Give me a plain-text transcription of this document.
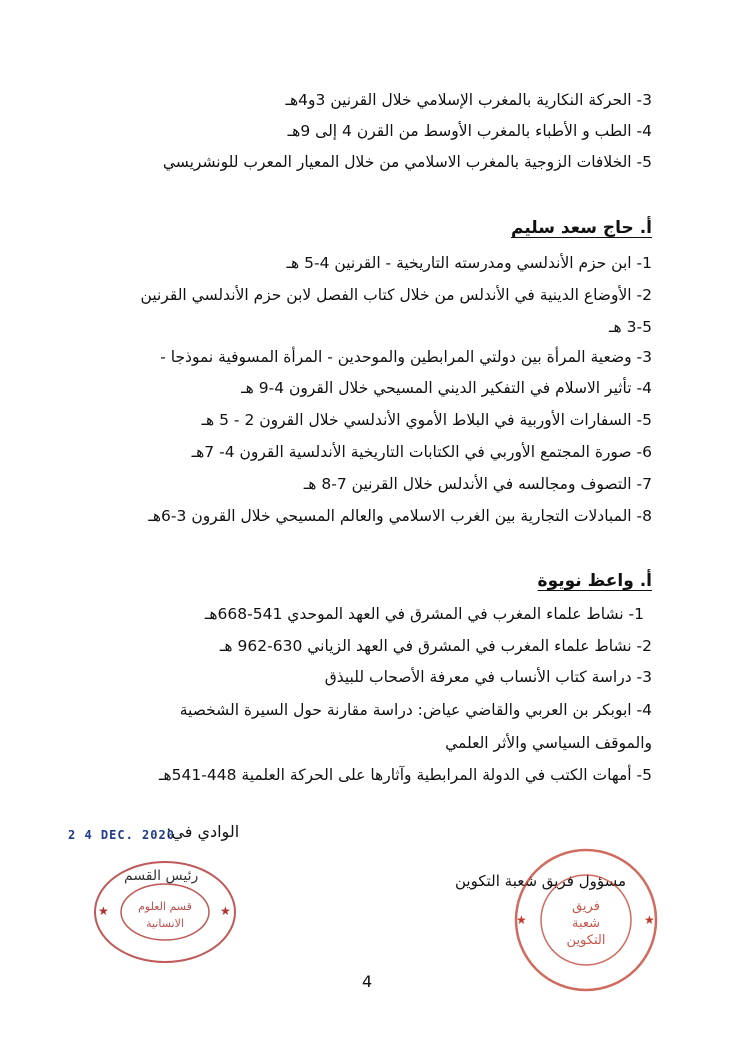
3- الحركة النكارية بالمغرب الإسلامي خلال القرنين 3و4هـ
4- الطب و الأطباء بالمغرب الأوسط من القرن 4 إلى 9هـ
5- الخلافات الزوجية بالمغرب الاسلامي من خلال المعيار المعرب للونشريسي
أ. حاج سعد سليم
1- ابن حزم الأندلسي ومدرسته التاريخية - القرنين 4-5 هـ
2- الأوضاع الدينية في الأندلس من خلال كتاب الفصل لابن حزم الأندلسي القرنين
3-5 هـ
3- وضعية المرأة بين دولتي المرابطين والموحدين - المرأة المسوفية نموذجا -
4- تأثير الاسلام في التفكير الديني المسيحي خلال القرون 4-9 هـ
5- السفارات الأوربية في البلاط الأموي الأندلسي خلال القرون 2 - 5 هـ
6- صورة المجتمع الأوربي في الكتابات التاريخية الأندلسية القرون 4- 7هـ
7- التصوف ومجالسه في الأندلس خلال القرنين 7-8 هـ
8- المبادلات التجارية بين الغرب الاسلامي والعالم المسيحي خلال القرون 3-6هـ
أ. واعظ نويوة
1- نشاط علماء المغرب في المشرق في العهد الموحدي 541-668هـ
2- نشاط علماء المغرب في المشرق في العهد الزياني 630-962 هـ
3- دراسة كتاب الأنساب في معرفة الأصحاب للبيذق
4- ابوبكر بن العربي والقاضي عياض: دراسة مقارنة حول السيرة الشخصية
والموقف السياسي والأثر العلمي
5- أمهات الكتب في الدولة المرابطية وآثارها على الحركة العلمية 448-541هـ
2 4 DEC. 2020
الوادي في:
رئيس القسم	مسؤول فريق شعبة التكوين
قسم العلوم
الانسانية
★	★	فريق
شعبة
التكوين
★	★
4
